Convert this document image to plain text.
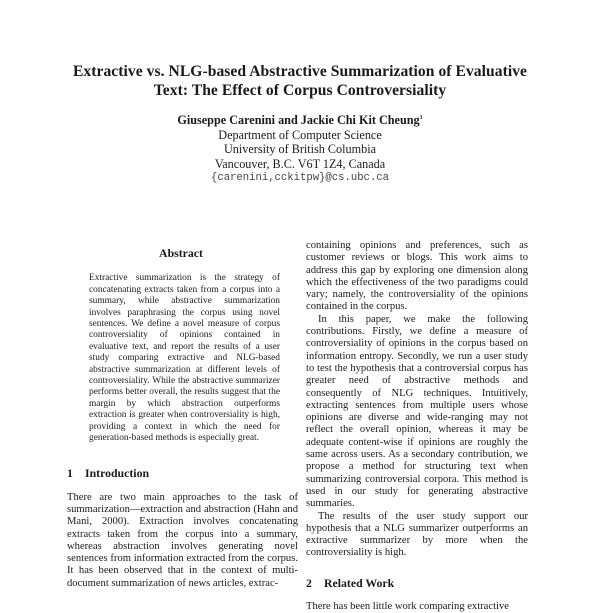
Extractive vs. NLG-based Abstractive Summarization of Evaluative
Text: The Effect of Corpus Controversiality
Giuseppe Carenini and Jackie Chi Kit Cheung$^1$
Department of Computer Science
University of British Columbia
Vancouver, B.C. V6T 1Z4, Canada
{carenini,cckitpw}@cs.ubc.ca
Abstract

Extractive summarization is the strategy of concatenating extracts taken from a corpus into a summary, while abstractive summarization involves paraphrasing the corpus using novel sentences. We define a novel measure of corpus controversiality of opinions contained in evaluative text, and report the results of a user study comparing extractive and NLG-based abstractive summarization at different levels of controversiality. While the abstractive summarizer performs better overall, the results suggest that the margin by which abstraction outperforms extraction is greater when controversiality is high, providing a context in which the need for generation-based methods is especially great.

1 Introduction

There are two main approaches to the task of summarization—extraction and abstraction (Hahn and Mani, 2000). Extraction involves concatenating extracts taken from the corpus into a summary, whereas abstraction involves generating novel sentences from information extracted from the corpus. It has been observed that in the context of multi-document summarization of news articles, extrac-

containing opinions and preferences, such as customer reviews or blogs. This work aims to address this gap by exploring one dimension along which the effectiveness of the two paradigms could vary; namely, the controversiality of the opinions contained in the corpus.

In this paper, we make the following contributions. Firstly, we define a measure of controversiality of opinions in the corpus based on information entropy. Secondly, we run a user study to test the hypothesis that a controversial corpus has greater need of abstractive methods and consequently of NLG techniques. Intuitively, extracting sentences from multiple users whose opinions are diverse and wide-ranging may not reflect the overall opinion, whereas it may be adequate content-wise if opinions are roughly the same across users. As a secondary contribution, we propose a method for structuring text when summarizing controversial corpora. This method is used in our study for generating abstractive summaries.

The results of the user study support our hypothesis that a NLG summarizer outperforms an extractive summarizer by more when the controversiality is high.

2 Related Work

There has been little work comparing extractive
